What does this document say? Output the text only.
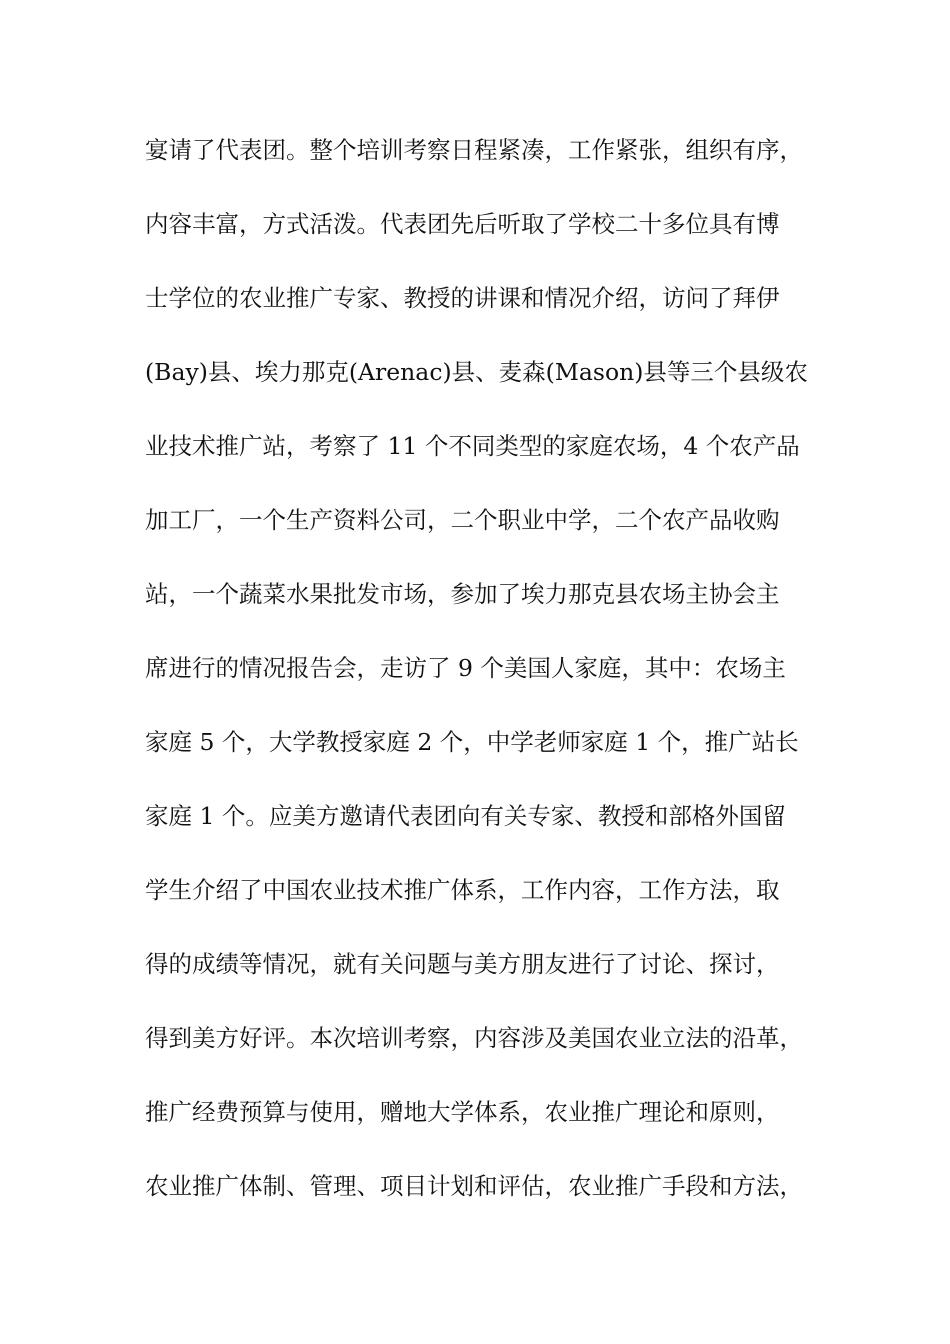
宴请了代表团。整个培训考察日程紧凑，工作紧张，组织有序，
内容丰富，方式活泼。代表团先后听取了学校二十多位具有博
士学位的农业推广专家、教授的讲课和情况介绍，访问了拜伊
(Bay)县、埃力那克(Arenac)县、麦森(Mason)县等三个县级农
业技术推广站，考察了 11 个不同类型的家庭农场，4 个农产品
加工厂，一个生产资料公司，二个职业中学，二个农产品收购
站，一个蔬菜水果批发市场，参加了埃力那克县农场主协会主
席进行的情况报告会，走访了 9 个美国人家庭，其中：农场主
家庭 5 个，大学教授家庭 2 个，中学老师家庭 1 个，推广站长
家庭 1 个。应美方邀请代表团向有关专家、教授和部格外国留
学生介绍了中国农业技术推广体系，工作内容，工作方法，取
得的成绩等情况，就有关问题与美方朋友进行了讨论、探讨，
得到美方好评。本次培训考察，内容涉及美国农业立法的沿革，
推广经费预算与使用，赠地大学体系，农业推广理论和原则，
农业推广体制、管理、项目计划和评估，农业推广手段和方法，
